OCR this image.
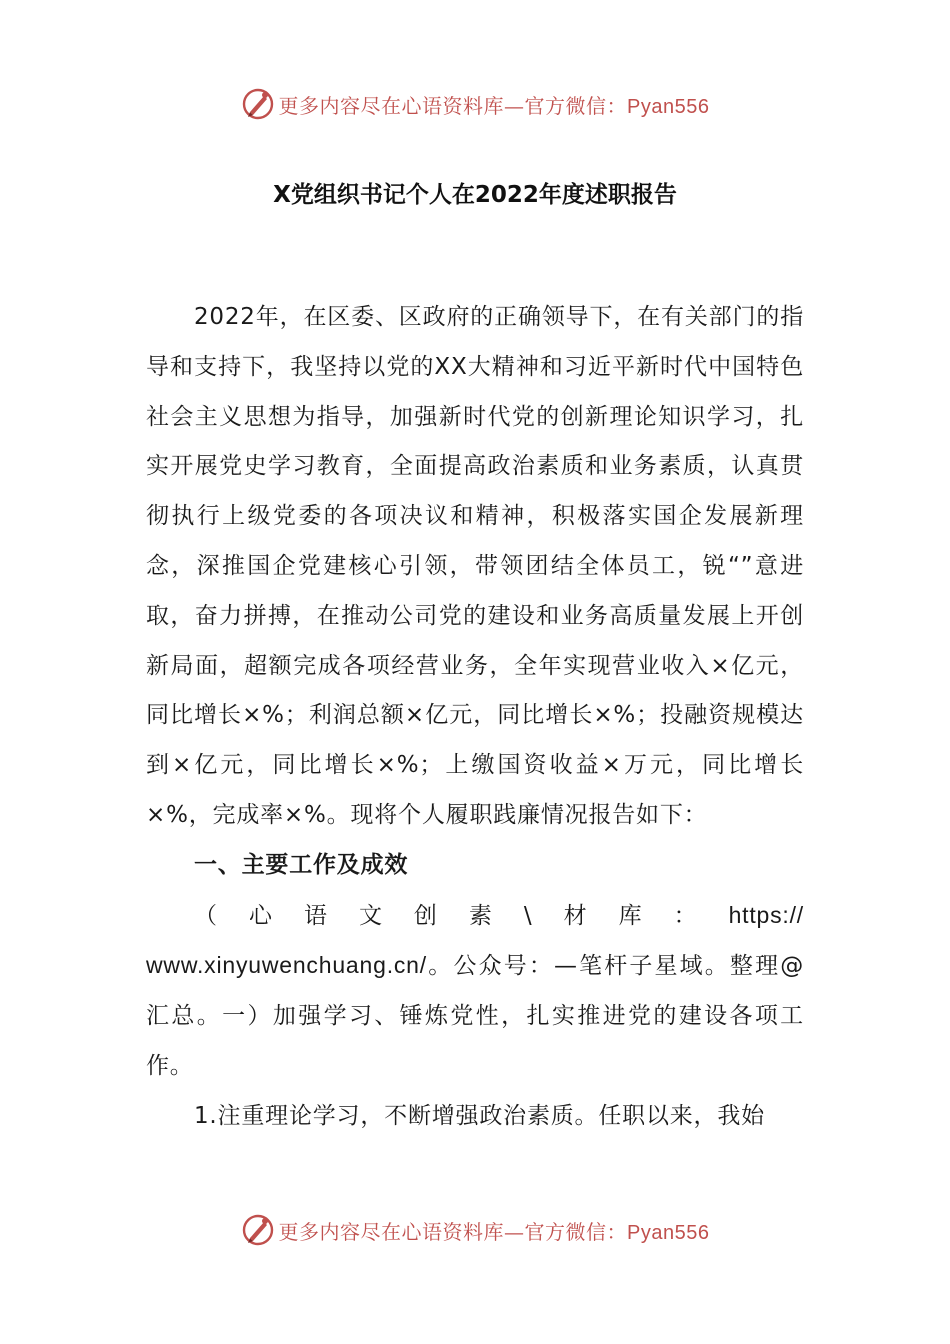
更多内容尽在心语资料库—官方微信：Pyan556
X党组织书记个人在2022年度述职报告

2022年，在区委、区政府的正确领导下，在有关部门的指导和支持下，我坚持以党的XX大精神和习近平新时代中国特色社会主义思想为指导，加强新时代党的创新理论知识学习，扎实开展党史学习教育，全面提高政治素质和业务素质，认真贯彻执行上级党委的各项决议和精神，积极落实国企发展新理念，深推国企党建核心引领，带领团结全体员工，锐“”意进取，奋力拼搏，在推动公司党的建设和业务高质量发展上开创新局面，超额完成各项经营业务，全年实现营业收入×亿元，同比增长×%；利润总额×亿元，同比增长×%；投融资规模达到×亿元，同比增长×%；上缴国资收益×万元，同比增长×%，完成率×%。现将个人履职践廉情况报告如下：

一、主要工作及成效

（心语文创素\材库：https://

www.xinyuwenchuang.cn/。公众号：—笔杆子星域。整理@汇总。一）加强学习、锤炼党性，扎实推进党的建设各项工作。

1.注重理论学习，不断增强政治素质。任职以来，我始

更多内容尽在心语资料库—官方微信：Pyan556
